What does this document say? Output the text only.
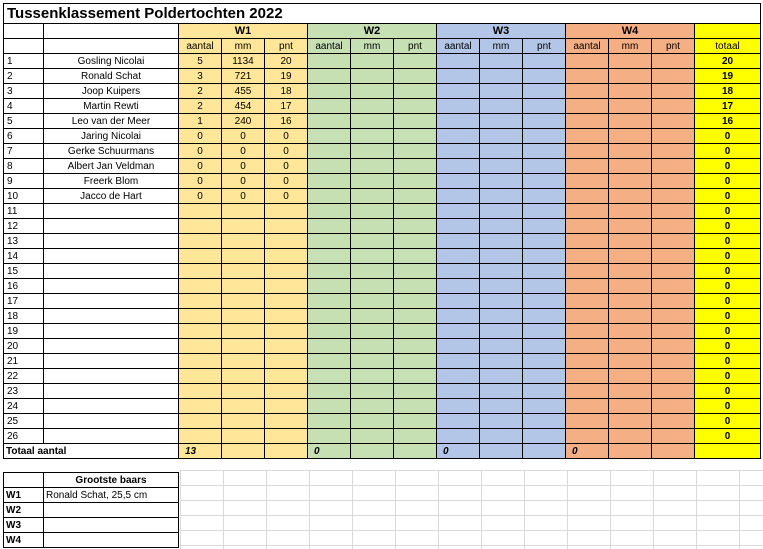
Tussenklassement Poldertochten 2022														
		W1			W2			W3			W4			
		aantal	mm	pnt	aantal	mm	pnt	aantal	mm	pnt	aantal	mm	pnt	totaal
1	Gosling Nicolai	5	1134	20										20
2	Ronald Schat	3	721	19										19
3	Joop Kuipers	2	455	18										18
4	Martin Rewti	2	454	17										17
5	Leo van der Meer	1	240	16										16
6	Jaring Nicolai	0	0	0										0
7	Gerke Schuurmans	0	0	0										0
8	Albert Jan Veldman	0	0	0										0
9	Freerk Blom	0	0	0										0
10	Jacco de Hart	0	0	0										0
11														0
12														0
13														0
14														0
15														0
16														0
17														0
18														0
19														0
20														0
21														0
22														0
23														0
24														0
25														0
26														0
Totaal aantal		13			0			0			0			
	Grootste baars
W1	Ronald Schat, 25,5 cm
W2	
W3	
W4	
